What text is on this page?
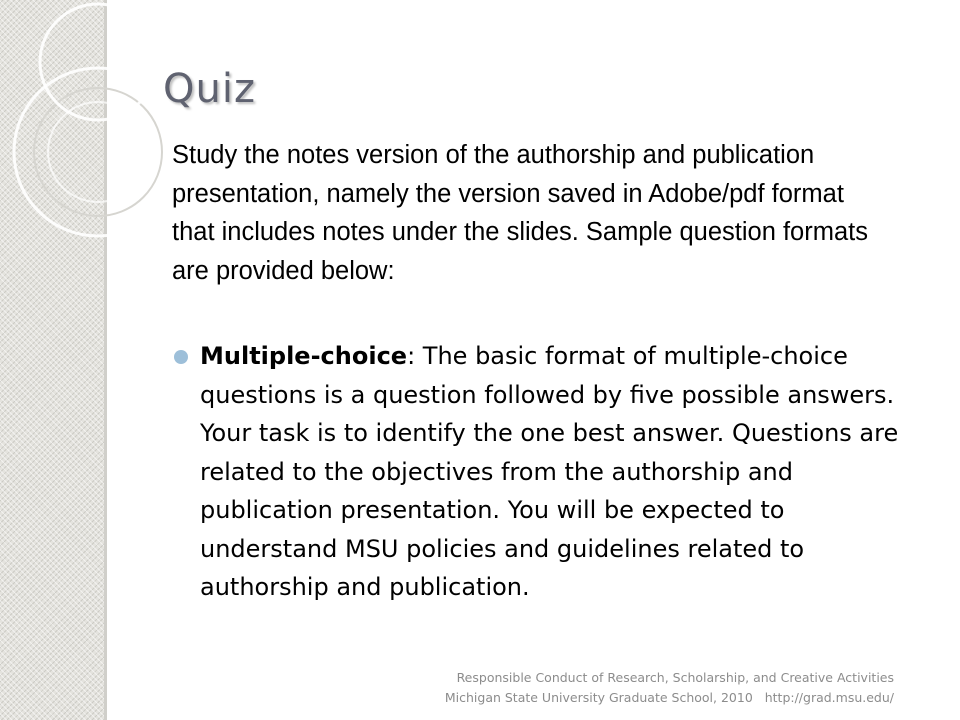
Quiz

Study the notes version of the authorship and publication presentation, namely the version saved in Adobe/pdf format that includes notes under the slides. Sample question formats are provided below:

Multiple-choice: The basic format of multiple-choice questions is a question followed by five possible answers. Your task is to identify the one best answer. Questions are related to the objectives from the authorship and publication presentation. You will be expected to understand MSU policies and guidelines related to authorship and publication.

Responsible Conduct of Research, Scholarship, and Creative Activities
Michigan State University Graduate School, 2010 http://grad.msu.edu/
